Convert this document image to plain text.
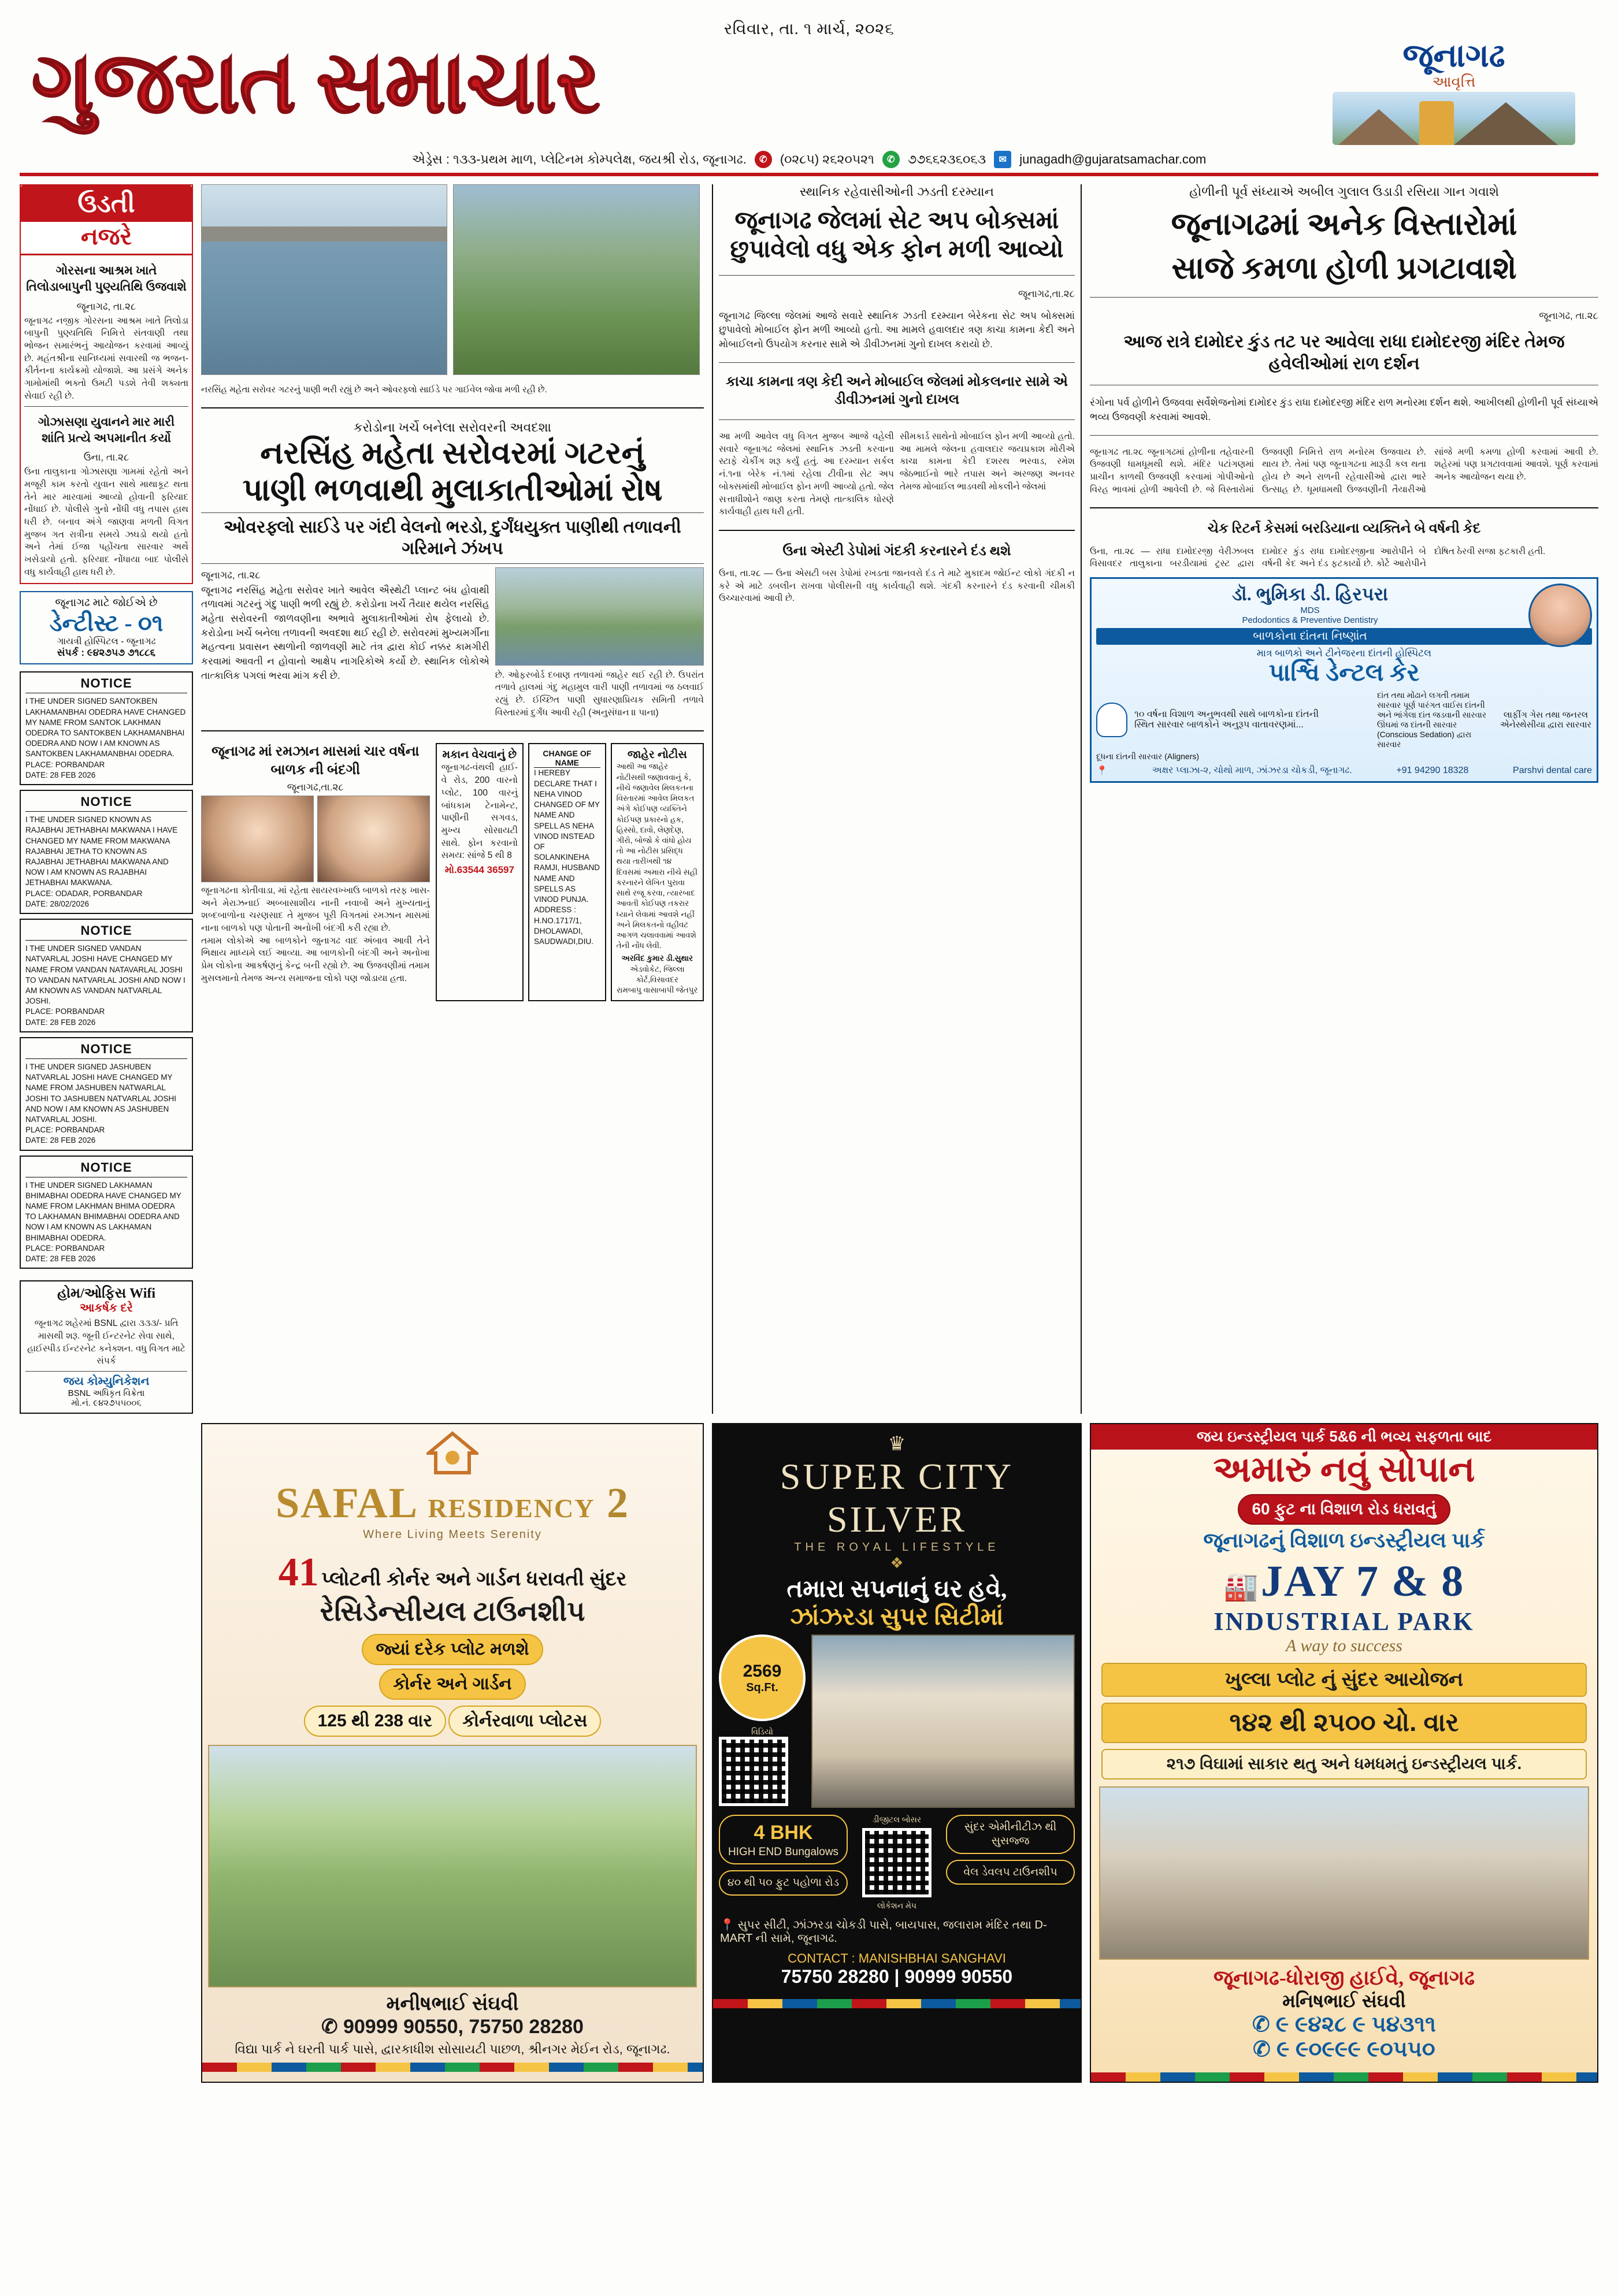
રવિવાર, તા. ૧ માર્ચ, ૨૦૨૬
ગુજરાત સમાચાર	જૂનાગઢ
આવૃત્તિ
એડ્રેસ : ૧૩૩-પ્રથમ માળ, પ્લેટિનમ કોમ્પલેક્ષ, જયશ્રી રોડ, જૂનાગઢ.	✆	(૦૨૮૫) ૨૬૨૦૫૨૧	✆	૭૭૬૬૨૩૬૦૬૩	✉	junagadh@gujaratsamachar.com
ઉડતી
નજરે
ગોરસના આશ્રમ ખાતે તિલોડાબાપુની પુણ્યતિથિ ઉજવાશે
જૂનાગઢ, તા.૨૮
જૂનાગઢ નજીક ગોરસના આશ્રમ ખાતે તિલોડા બાપુની પુણ્યતિથિ નિમિત્તે સંતવાણી તથા ભોજન સમારંભનું આયોજન કરવામાં આવ્યું છે. મહંતશ્રીના સાનિધ્યમાં સવારથી જ ભજન-કીર્તનના કાર્યક્રમો યોજાશે. આ પ્રસંગે અનેક ગામોમાંથી ભક્તો ઉમટી પડશે તેવી શક્યતા સેવાઈ રહી છે.
ગોઝાસણા યુવાનને માર મારી શાંતિ પ્રત્યે અપમાનીત કર્યો
ઉના, તા.૨૮
ઉના તાલુકાના ગોઝાસણા ગામમાં રહેતો અને મજૂરી કામ કરતો યુવાન સાથે માથાકૂટ થતા તેને માર મારવામાં આવ્યો હોવાની ફરિયાદ નોંધાઈ છે. પોલીસે ગુનો નોંધી વધુ તપાસ હાથ ધરી છે. બનાવ અંગે જાણવા મળતી વિગત મુજબ ગત રાત્રીના સમયે ઝઘડો થયો હતો અને તેમાં ઈજા પહોંચતા સારવાર અર્થે ખસેડાયો હતો. ફરિયાદ નોંધાયા બાદ પોલીસે વધુ કાર્યવાહી હાથ ધરી છે.
જૂનાગઢ માટે જોઈએ છે
ડેન્ટીસ્ટ - ૦૧
ગાયત્રી હોસ્પિટલ - જૂનાગઢ
સંપર્ક : ૯૪૨૭૫૭ ૭૧૮૮૬
NOTICE
I THE UNDER SIGNED SANTOKBEN LAKHAMANBHAI ODEDRA HAVE CHANGED MY NAME FROM SANTOK LAKHMAN ODEDRA TO SANTOKBEN LAKHAMANBHAI ODEDRA AND NOW I AM KNOWN AS SANTOKBEN LAKHAMANBHAI ODEDRA.
PLACE: PORBANDAR
DATE: 28 FEB 2026
NOTICE
I THE UNDER SIGNED KNOWN AS RAJABHAI JETHABHAI MAKWANA I HAVE CHANGED MY NAME FROM MAKWANA RAJABHAI JETHA TO KNOWN AS RAJABHAI JETHABHAI MAKWANA AND NOW I AM KNOWN AS RAJABHAI JETHABHAI MAKWANA.
PLACE: ODADAR, PORBANDAR
DATE: 28/02/2026
NOTICE
I THE UNDER SIGNED VANDAN NATVARLAL JOSHI HAVE CHANGED MY NAME FROM VANDAN NATAVARLAL JOSHI TO VANDAN NATVARLAL JOSHI AND NOW I AM KNOWN AS VANDAN NATVARLAL JOSHI.
PLACE: PORBANDAR
DATE: 28 FEB 2026
NOTICE
I THE UNDER SIGNED JASHUBEN NATVARLAL JOSHI HAVE CHANGED MY NAME FROM JASHUBEN NATWARLAL JOSHI TO JASHUBEN NATVARLAL JOSHI AND NOW I AM KNOWN AS JASHUBEN NATVARLAL JOSHI.
PLACE: PORBANDAR
DATE: 28 FEB 2026
NOTICE
I THE UNDER SIGNED LAKHAMAN BHIMABHAI ODEDRA HAVE CHANGED MY NAME FROM LAKHMAN BHIMA ODEDRA TO LAKHAMAN BHIMABHAI ODEDRA AND NOW I AM KNOWN AS LAKHAMAN BHIMABHAI ODEDRA.
PLACE: PORBANDAR
DATE: 28 FEB 2026
હોમ/ઓફિસ Wifi
આકર્ષક દરે
જૂનાગઢ શહેરમાં BSNL દ્વારા ૩૩૩/- પ્રતિ માસથી શરૂ. જૂની ઈન્ટરનેટ સેવા સાથે, હાઈસ્પીડ ઈન્ટરનેટ કનેક્શન. વધુ વિગત માટે સંપર્ક
જય કોમ્યુનિકેશન
BSNL અધિકૃત વિક્રેતા
મો.નં. ૯૪૨૭૫૫૦૦૬
નરસિંહ મહેતા સરોવર ગટરનું પાણી ભરી રહ્યું છે અને ઓવરફ્લો સાઈડે પર ગાઈવેલ જોવા મળી રહી છે.
કરોડોના ખર્ચે બનેલા સરોવરની અવદશા
નરસિંહ મહેતા સરોવરમાં ગટરનું
પાણી ભળવાથી મુલાકાતીઓમાં રોષ
ઓવરફ્લો સાઈડે પર ગંદી વેલનો ભરડો, દુર્ગંધયુક્ત પાણીથી તળાવની ગરિમાને ઝંખપ
જૂનાગઢ, તા.૨૮
જૂનાગઢ નરસિંહ મહેતા સરોવર ખાતે આવેલ ઐસ્થેટી પ્લાન્ટ બંધ હોવાથી તળાવમાં ગટરનું ગંદુ પાણી ભળી રહ્યું છે. કરોડોના ખર્ચે તૈયાર થયેલ નરસિંહ મહેતા સરોવરની જાળવણીના અભાવે મુલાકાતીઓમાં રોષ ફેલાયો છે. કરોડોના ખર્ચે બનેલા તળાવની અવદશા થઈ રહી છે. સરોવરમાં મુખ્યમર્ગીના મહત્વના પ્રવાસન સ્થળોની જાળવણી માટે તંત્ર દ્વારા કોઈ નક્કર કામગીરી કરવામાં આવતી ન હોવાનો આક્ષેપ નાગરિકોએ કર્યો છે. સ્થાનિક લોકોએ તાત્કાલિક પગલાં ભરવા માંગ કરી છે.	છે. ઓફરબોર્ડ દબાણ તળાવમાં જાહેર થઈ રહી છે. ઉપરાંત તળાવે હાલમાં ગંદુ મહામુલ વારી પાણી તળાવમાં જ ઠલવાઈ રહ્યું છે. ઈચ્છિત પાણી સુધારણાપ્રિયક સમિતી તળાવે વિસ્તારમાં દુર્ગંધ આવી રહી (અનુસંધાન ॥ પાના)
જૂનાગઢ માં રમઝાન માસમાં ચાર વર્ષના બાળક ની બંદગી
જૂનાગઢ,તા.૨૮
જૂનાગઢના કોતીવાડા, માં રહેતા સાયરવખ્ખાઉ બાળકો તરફ ખાસ- અને મેરાઝનાઈ અબ્બાસાશીય નાની નવાબોં અને મુખ્યતાનું શબ્દબાળોના ચરણસાદ તે મુજબ પૂરી વિગતમાં રમઝાન માસમાં નાના બાળકો પણ પોતાની અનોખી બંદગી કરી રહ્યા છે.
તમામ લોકોએ આ બાળકોને જુનાગઢ વાદ અંબાવ આવી તેને ભિક્ષાય માધ્યમે લઈ આવ્યા. આ બાળકોની બંદગી અને અનોખા પ્રેમ લોકોના આકર્ષણનું કેન્દ્ર બની રહ્યો છે. આ ઉજવણીમાં તમામ મુસલમાનો તેમજ અન્ય સમાજના લોકો પણ જોડાયા હતા.
મકાન વેચવાનું છે
જૂનાગઢ-વંથલી હાઈ-વે રોડ, 200 વારનો પ્લોટ, 100 વારનું બાંધકામ ટેનામેન્ટ, પાણીની સગવડ, મુખ્ય સોસાયટી સાથે. ફોન કરવાનો સમય: સાંજે 5 થી 8
મો.63544 36597
CHANGE OF NAME
I HEREBY DECLARE THAT I NEHA VINOD CHANGED OF MY NAME AND SPELL AS NEHA VINOD INSTEAD OF SOLANKINEHA RAMJI, HUSBAND NAME AND SPELLS AS VINOD PUNJA. ADDRESS : H.NO.1717/1, DHOLAWADI, SAUDWADI,DIU.
જાહેર નોટીસ
આથી આ જાહેર નોટીસથી જણાવવાનું કે, નીચે જણાવેલ મિલકતના વિસ્તારમાં આવેલ મિલકત અંગે કોઈપણ વ્યક્તિને કોઈપણ પ્રકારનો હક, હિસ્સો, દાવો, લેણદેણ, ગીરો, બોજો કે વાંધો હોય તો આ નોટીસ પ્રસિદ્ધ થયા તારીખથી ૧૪ દિવસમાં અમારા નીચે સહી કરનારને લેખિત પુરાવા સાથે રજૂ કરવા, ત્યારબાદ આવતી કોઈપણ તકરાર ધ્યાને લેવામાં આવશે નહીં અને મિલકતનો વહીવટ આગળ ચલાવવામાં આવશે તેની નોંધ લેવી.
અરવિંદ કુમાર ડી.સુથાર
એડવોકેટ, જિલ્લા કોર્ટ,વિસાવદર
રામબાપુ વાસાબાપી જેતપુર
સ્થાનિક રહેવાસીઓની ઝડતી દરમ્યાન
જૂનાગઢ જેલમાં સેટ અપ બોક્સમાં છુપાવેલો વધુ એક ફોન મળી આવ્યો
જૂનાગઢ,તા.૨૮
જૂનાગઢ જિલ્લા જેલમાં આજે સવારે સ્થાનિક ઝડતી દરમ્યાન બેરેકના સેટ અપ બોક્સમાં છુપાવેલો મોબાઈલ ફોન મળી આવ્યો હતો. આ મામલે હવાલદાર ત્રણ કાચા કામના કેદી અને મોબાઈલનો ઉપયોગ કરનાર સામે એ ડીવીઝનમાં ગુનો દાખલ કરાયો છે.
કાચા કામના ત્રણ કેદી અને મોબાઈલ જેલમાં મોકલનાર સામે એ ડીવીઝનમાં ગુનો દાખલ
આ મળી આવેલ વધુ વિગત મુજબ આજે વહેલી સવારે જૂનાગઢ જેલમાં સ્થાનિક ઝડતી કરવાના સ્ટાફે ચેકીંગ શરૂ કર્યું હતું. આ દરમ્યાન સર્કલ નં.૧ના બેરેક નં.૧માં રહેલા ટીવીના સેટ અપ બોક્સમાંથી મોબાઈલ ફોન મળી આવ્યો હતો. જેલ સત્તાધીશોને જાણ કરતા તેમણે તાત્કાલિક ધોરણે કાર્યવાહી હાથ ધરી હતી.
સીમકાર્ડ સાથેનો મોબાઈલ ફોન મળી આવ્યો હતો. આ મામલે જેલના હવાલદાર જયપ્રકાશ મોરીએ કાચા કામના કેદી દશરથ ભરવાડ, રમેશ જેઠભાઈનો ભારે તપાસ અને અરજણ અનવર તેમજ મોબાઈલ ભાડવથી મોકલીને જેલમાં
ઉના એસ્ટી ડેપોમાં ગંદકી કરનારને દંડ થશે
ઉના, તા.૨૮ — ઉના એસટી બસ ડેપોમાં રખડતા જાનવરો દંડ તે માટે મુકાદમ જોઈન્ટ લોકો ગંદકી ન કરે એ માટે ડબલીન રાખવા પોલીસની વધુ કાર્યવાહી થશે. ગંદકી કરનારને દંડ કરવાની ચીમકી ઉચ્ચારવામાં આવી છે.
હોળીની પૂર્વ સંધ્યાએ અબીલ ગુલાલ ઉડાડી રસિયા ગાન ગવાશે
જૂનાગઢમાં અનેક વિસ્તારોમાં
સાજે કમળા હોળી પ્રગટાવાશે
જૂનાગઢ, તા.૨૮
આજ રાત્રે દામોદર કુંડ તટ પર આવેલા રાધા દામોદરજી મંદિર તેમજ હવેલીઓમાં રાળ દર્શન
રંગોના પર્વ હોળીને ઉજવવા સર્વેશેજનોમાં દામોદર કુંડ રાધા દામોદરજી મંદિર રાળ મનોરમા દર્શન થશે. આખીલથી હોળીની પૂર્વ સંધ્યાએ ભવ્ય ઉજવણી કરવામાં આવશે.
જૂનાગઢ તા.૨૮ જૂનાગઢમાં હોળીના તહેવારની ઉજવણી ધામધૂમથી થશે. મંદિર પટાંગણમાં પ્રાચીન કાળથી ઉજવણી કરવામાં ગોપીઓનો વિરહ ભાવમાં હોળી આવેલી છે. જે વિસ્તારોમાં ઉજવણી નિમિત્તે રાળ મનોરમ ઉજવાય છે. થાય છે. તેમાં પણ જૂનાગઢના મારૂડી કલ થતા હોય છે અને રાળની રહેવાસીઓ દ્વારા ભારે ઉત્સાહ છે. ધૂમધામથી ઉજવણીની તૈયારીઓ સાંજે મળી કમળા હોળી કરવામાં આવી છે. શહેરમાં પણ પ્રગટાવવામાં આવશે. પૂર્ણ કરવામાં અનેક આયોજન થયા છે.
ચેક રિટર્ન કેસમાં બરડિયાના વ્યક્તિને બે વર્ષની કેદ
ઉના, તા.૨૮ — રાધા દામોદરજી વેરીઝબલ વિસાવદર તાલુકાના બરડીયામાં ટ્રસ્ટ દ્વારા દામોદર કુંડ રાધા દામોદરજીના આરોપીને બે વર્ષની કેદ અને દંડ ફટકાર્યો છે. કોર્ટે આરોપીને દોષિત ઠેરવી સજા ફટકારી હતી.
ડૉ. ભુમિકા ડી. હિરપરા
MDS
Pedodontics & Preventive Dentistry
બાળકોના દાંતના નિષ્ણાંત
માત્ર બાળકો અને ટીનેજરના દાંતની હોસ્પિટલ
પાર્શ્વિ ડેન્ટલ કેર
૧૦ વર્ષના વિશાળ અનુભવથી સાથે બાળકોના દાંતની
સ્થિત સારવાર બાળકોને અનુરૂપ વાતાવરણમાં...
દાંત તથા મોંઢાને લગતી તમામ સારવાર પૂર્ણ પારંગત વાઈસ દાંતની અને ભાંગેલા દાંત જડવાની સારવાર
ઊંઘમાં જ દાંતની સારવાર (Conscious Sedation) દ્વારા સારવાર
લાફીંગ ગેસ તથા જનરલ એનેસ્થેસીયા દ્વારા સારવાર
દૂધના દાંતની સારવાર (Aligners)
📍	અક્ષર પ્લાઝા-૨, ચોથો માળ, ઝાંઝરડા ચોકડી, જૂનાગઢ.	+91 94290 18328	Parshvi dental care
SAFAL RESIDENCY 2
Where Living Meets Serenity
41 પ્લોટની કોર્નર અને ગાર્ડન ધરાવતી સુંદર
રેસિડેન્સીયલ ટાઉનશીપ
જ્યાં દરેક પ્લોટ મળશે
કોર્નર અને ગાર્ડન
125 થી 238 વાર કોર્નરવાળા પ્લોટસ
મનીષભાઈ સંઘવી
✆ 90999 90550, 75750 28280
વિદ્યા પાર્ક ને ઘરતી પાર્ક પાસે, દ્વારકાધીશ સોસાયટી પાછળ, શ્રીનગર મેઈન રોડ, જૂનાગઢ.
♛
SUPER CITY SILVER
THE ROYAL LIFESTYLE
❖
તમારા સપનાનું ઘર હવે,
ઝાંઝરડા સુપર સિટીમાં
2569
Sq.Ft.
વિડિયો
4 BHK
HIGH END Bungalows
૪૦ થી ૫૦ ફુટ પહોળા રોડ
ડીજીટલ બોસર
લોકેશન મેપ
સુંદર એમીનીટીઝ થી સુસજ્જ
વેલ ડેવલપ ટાઉનશીપ
📍 સુપર સીટી, ઝાંઝરડા ચોકડી પાસે, બાયપાસ, જલારામ મંદિર તથા D-MART ની સામે, જૂનાગઢ.
CONTACT : MANISHBHAI SANGHAVI
75750 28280 | 90999 90550
જય ઇન્ડસ્ટ્રીયલ પાર્ક 5&6 ની ભવ્ય સફળતા બાદ
અમારું નવું સોપાન
60 ફુટ ના વિશાળ રોડ ધરાવતું
જૂનાગઢનું વિશાળ ઇન્ડસ્ટ્રીયલ પાર્ક
🏭 JAY 7 & 8
INDUSTRIAL PARK
A way to success
ખુલ્લા પ્લોટ નું સુંદર આયોજન
૧૪૨ થી ૨૫૦૦ ચો. વાર
૨૧૭ વિઘામાં સાકાર થતુ અને ધમધમતું ઇન્ડસ્ટ્રીયલ પાર્ક.
જૂનાગઢ-ધોરાજી હાઈવે, જૂનાગઢ
મનિષભાઈ સંઘવી
✆ ૯ ૯૪૨૮ ૯ ૫૪૩૧૧
✆ ૯ ૯૦૯૯૯ ૯૦૫૫૦
